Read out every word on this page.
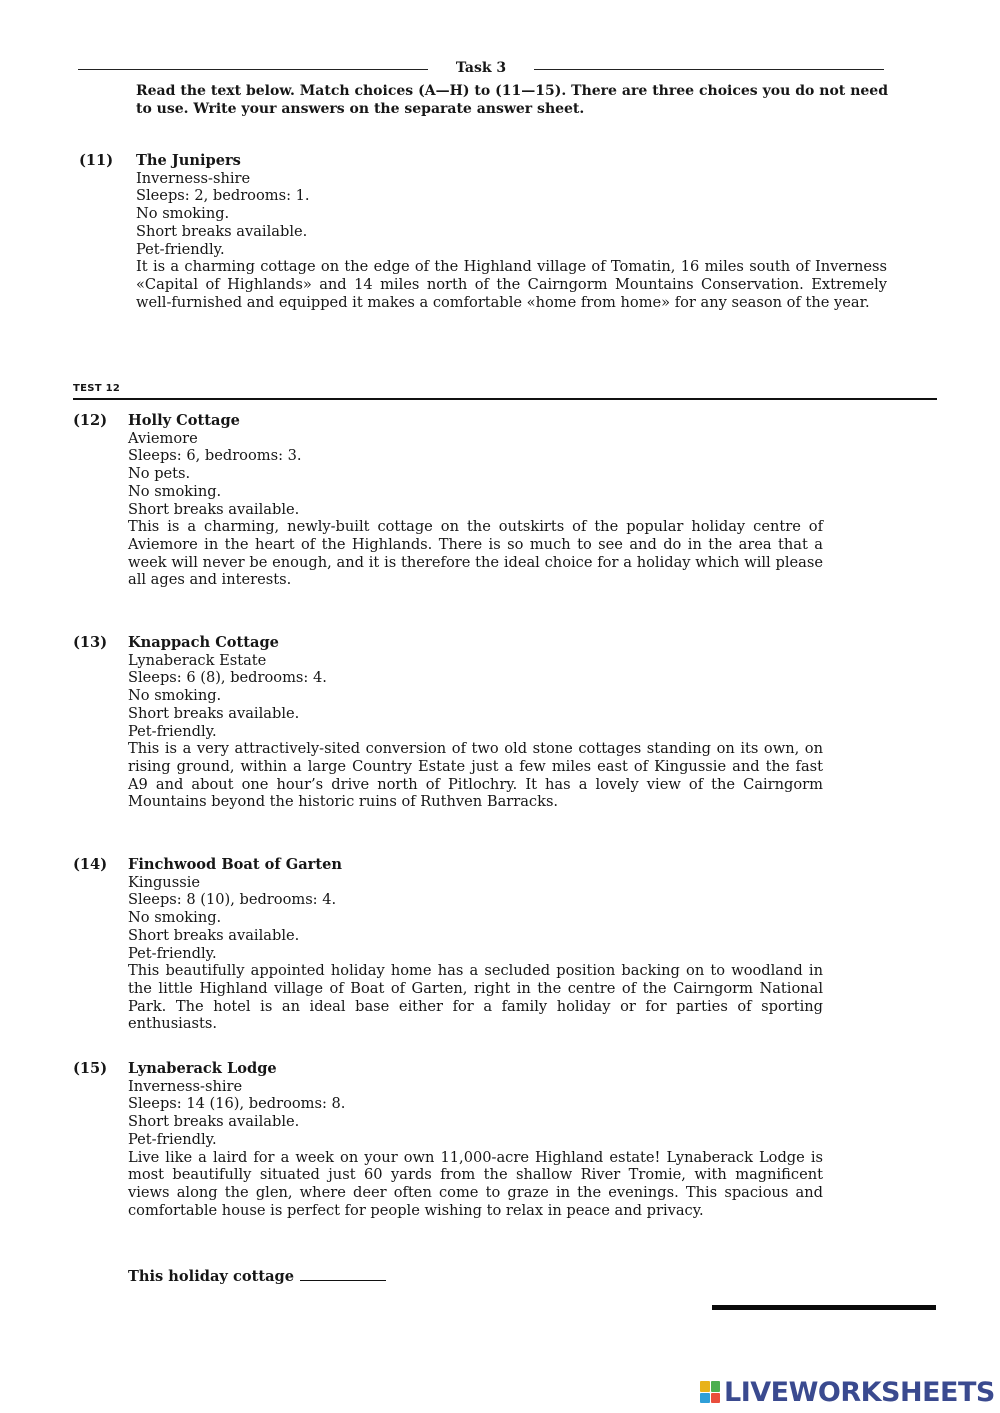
Task 3

Read the text below. Match choices (A—H) to (11—15). There are three choices you do not need to use. Write your answers on the separate answer sheet.

(11) The Junipers
Inverness-shire
Sleeps: 2, bedrooms: 1.
No smoking.
Short breaks available.
Pet-friendly.

It is a charming cottage on the edge of the Highland village of Tomatin, 16 miles south of Inverness «Capital of Highlands» and 14 miles north of the Cairngorm Mountains Conservation. Extremely well-furnished and equipped it makes a comfortable «home from home» for any season of the year.

TEST 12
(12) Holly Cottage
Aviemore
Sleeps: 6, bedrooms: 3.
No pets.
No smoking.
Short breaks available.

This is a charming, newly-built cottage on the outskirts of the popular holiday centre of Aviemore in the heart of the Highlands. There is so much to see and do in the area that a week will never be enough, and it is therefore the ideal choice for a holiday which will please all ages and interests.

(13) Knappach Cottage
Lynaberack Estate
Sleeps: 6 (8), bedrooms: 4.
No smoking.
Short breaks available.
Pet-friendly.

This is a very attractively-sited conversion of two old stone cottages standing on its own, on rising ground, within a large Country Estate just a few miles east of Kingussie and the fast A9 and about one hour’s drive north of Pitlochry. It has a lovely view of the Cairngorm Mountains beyond the historic ruins of Ruthven Barracks.

(14) Finchwood Boat of Garten
Kingussie
Sleeps: 8 (10), bedrooms: 4.
No smoking.
Short breaks available.
Pet-friendly.

This beautifully appointed holiday home has a secluded position backing on to woodland in the little Highland village of Boat of Garten, right in the centre of the Cairngorm National Park. The hotel is an ideal base either for a family holiday or for parties of sporting enthusiasts.

(15) Lynaberack Lodge
Inverness-shire
Sleeps: 14 (16), bedrooms: 8.
Short breaks available.
Pet-friendly.

Live like a laird for a week on your own 11,000-acre Highland estate! Lynaberack Lodge is most beautifully situated just 60 yards from the shallow River Tromie, with magnificent views along the glen, where deer often come to graze in the evenings. This spacious and comfortable house is perfect for people wishing to relax in peace and privacy.

This holiday cottage
LIVEWORKSHEETS
